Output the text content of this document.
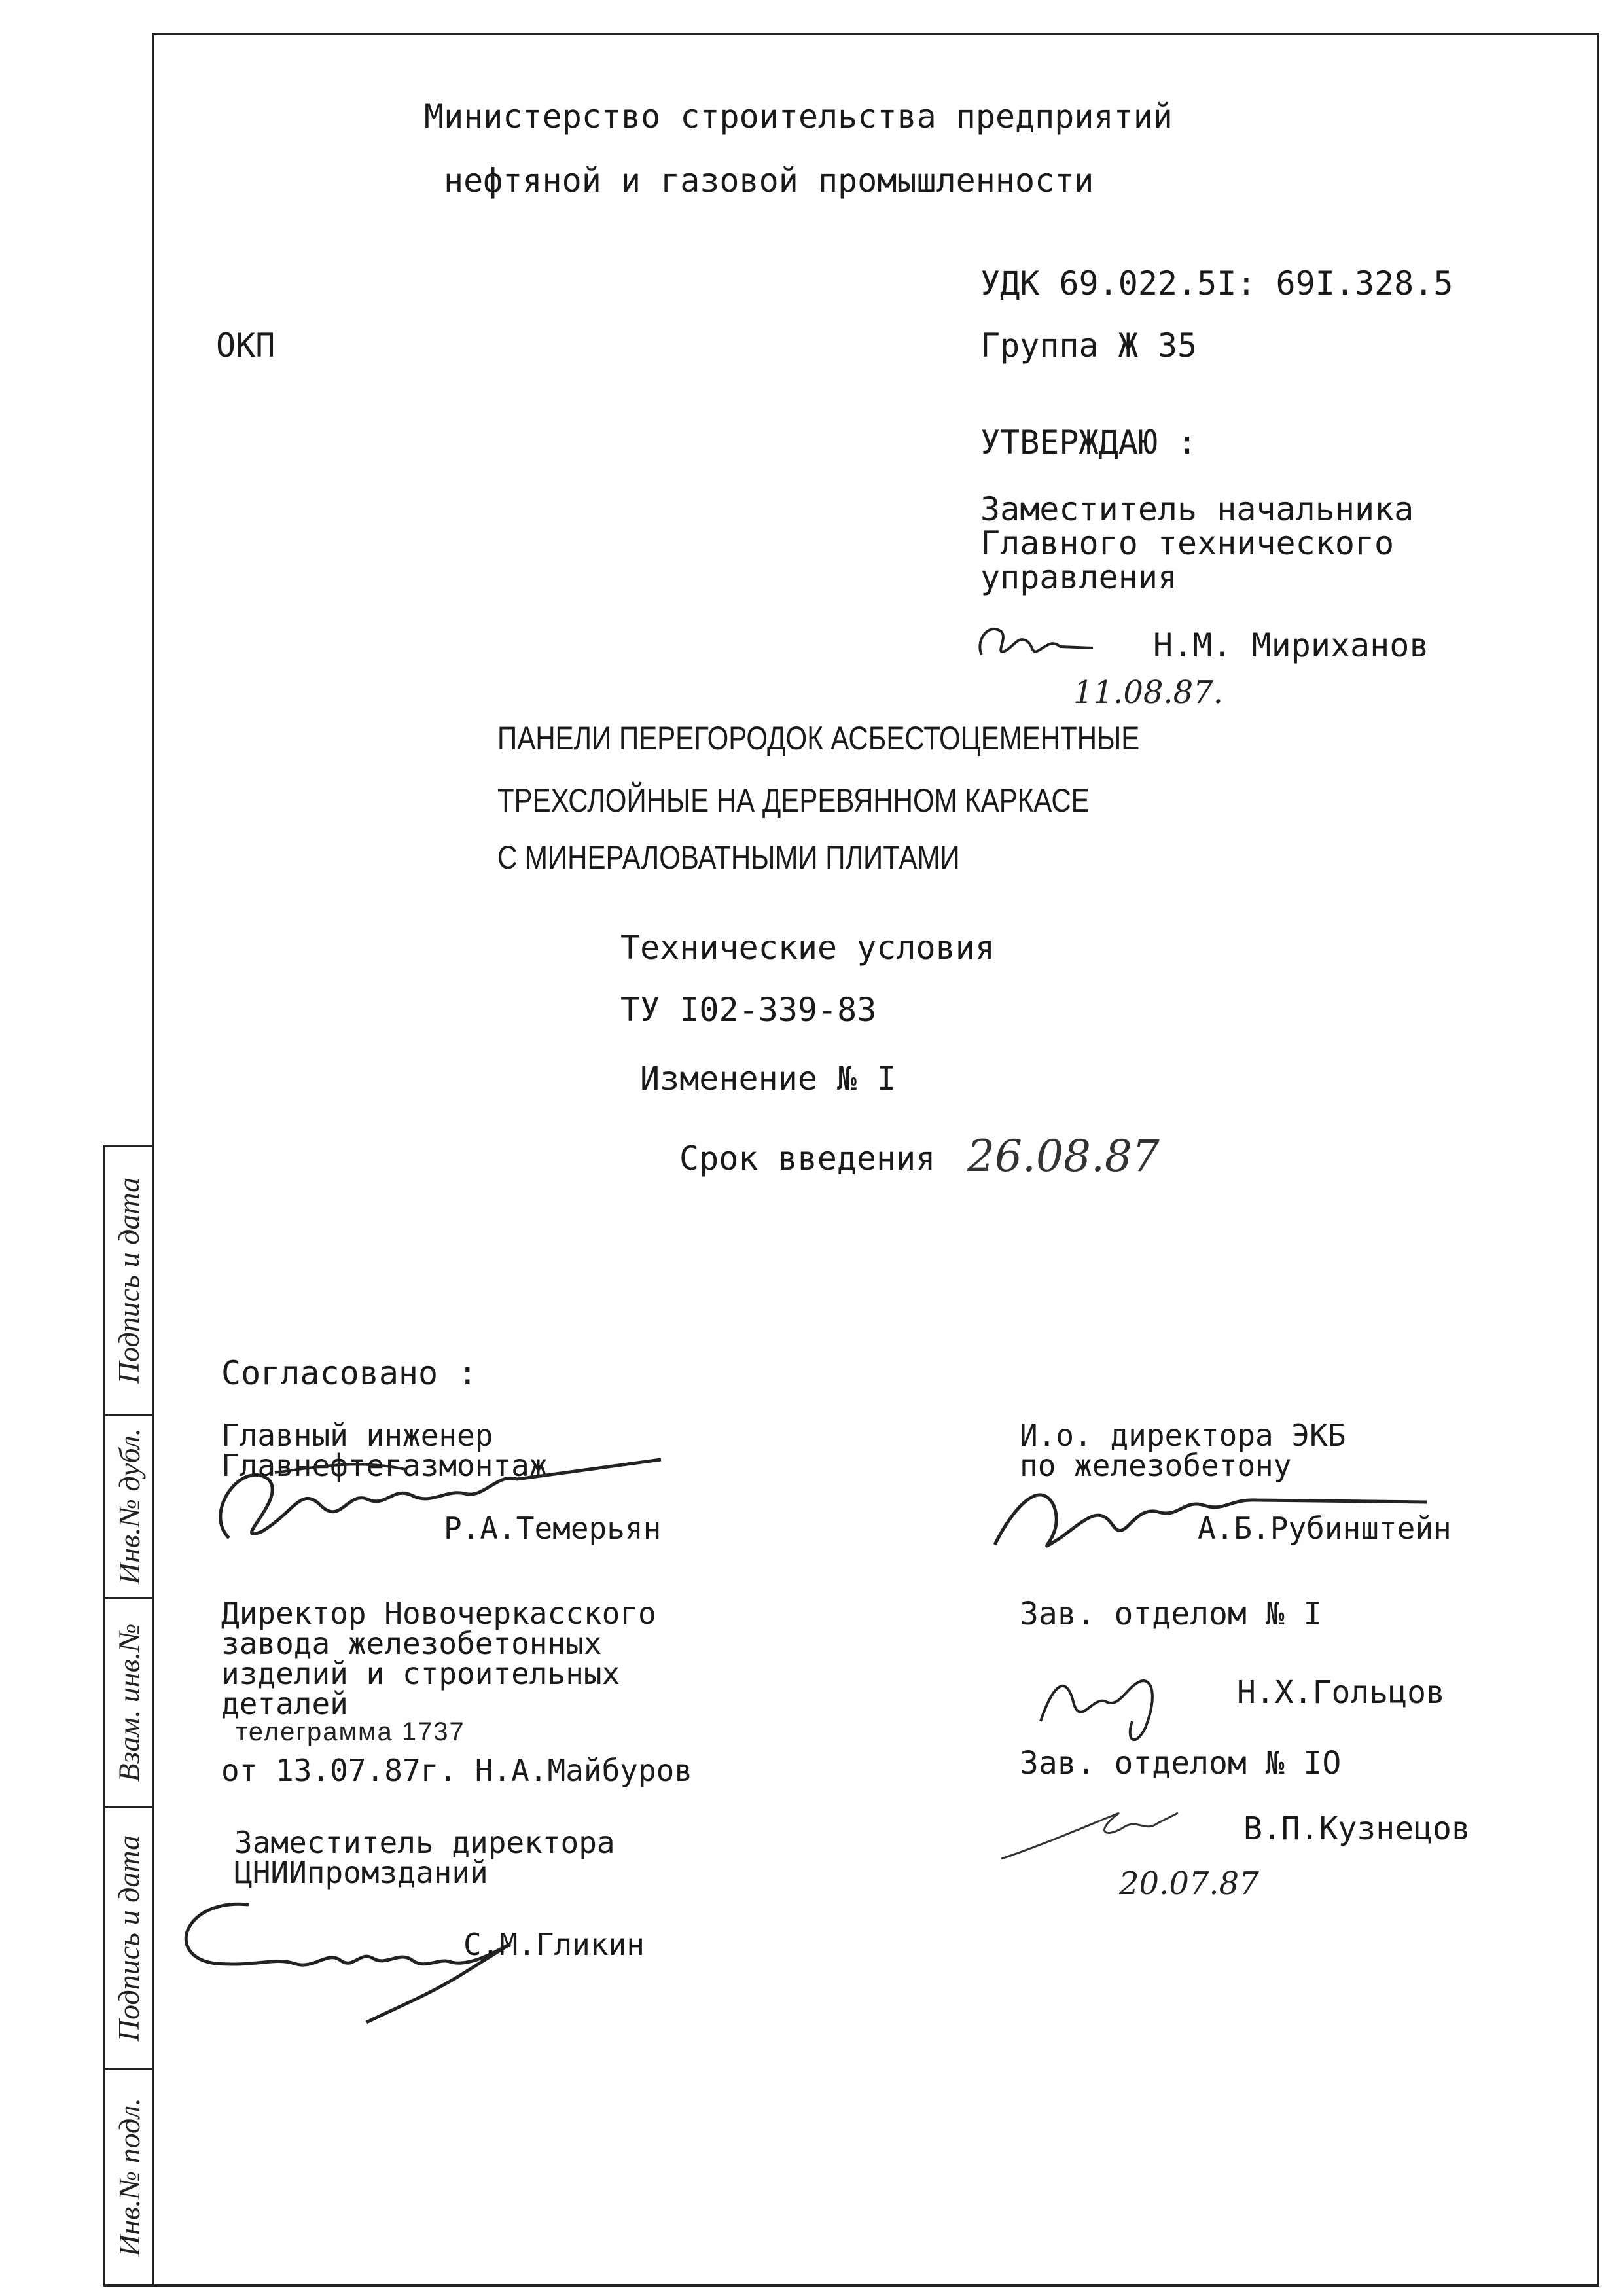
Подпись и дата
Инв.№ дубл.
Взам. инв.№
Подпись и дата
Инв.№ подл.
Министерство строительства предприятий
нефтяной и газовой промышленности
УДК 69.022.5I: 69I.328.5
ОКП	Группа Ж 35
УТВЕРЖДАЮ :
Заместитель начальника
Главного технического
управления
Н.М. Мириханов
11.08.87.
ПАНЕЛИ ПЕРЕГОРОДОК АСБЕСТОЦЕМЕНТНЫЕ
ТРЕХСЛОЙНЫЕ НА ДЕРЕВЯННОМ КАРКАСЕ
С МИНЕРАЛОВАТНЫМИ ПЛИТАМИ
Технические условия
ТУ I02-339-83
Изменение № I
Срок введения 26.08.87
Согласовано :
Главный инженер
Главнефтегазмонтаж
Р.А.Темерьян
Директор Новочеркасского
завода железобетонных
изделий и строительных
деталей
телеграмма 1737
от 13.07.87г. Н.А.Майбуров
Заместитель директора
ЦНИИпромзданий
С.М.Гликин
И.о. директора ЭКБ
по железобетону
А.Б.Рубинштейн
Зав. отделом № I
Н.Х.Гольцов
Зав. отделом № IO
В.П.Кузнецов
20.07.87
